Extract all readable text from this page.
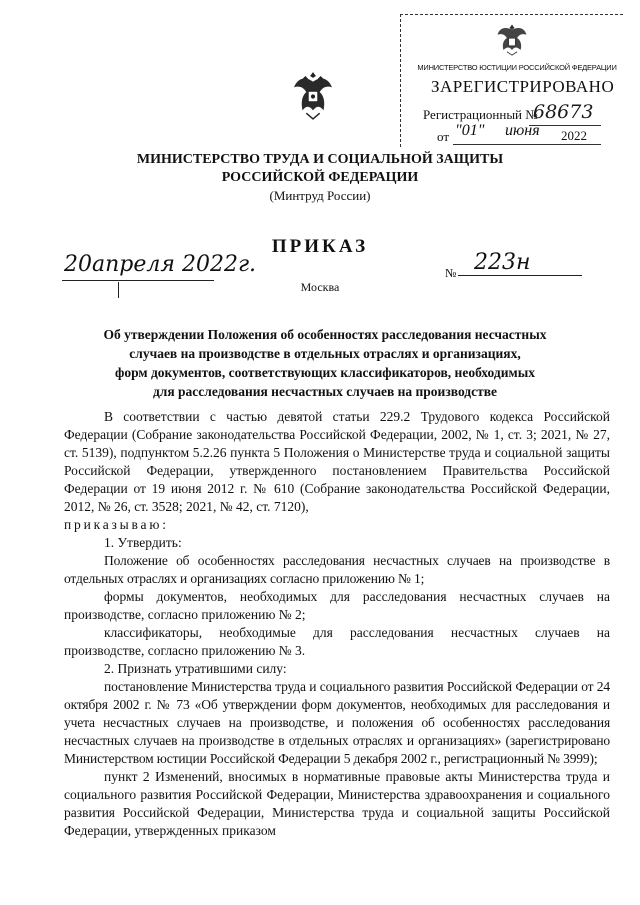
МИНИСТЕРСТВО ЮСТИЦИИ РОССИЙСКОЙ ФЕДЕРАЦИИ
ЗАРЕГИСТРИРОВАНО
Регистрационный №
68673
от "01" июня 2022
МИНИСТЕРСТВО ТРУДА И СОЦИАЛЬНОЙ ЗАЩИТЫ
РОССИЙСКОЙ ФЕДЕРАЦИИ
(Минтруд России)
ПРИКАЗ
20апреля 2022г.
Москва
№ 223н
Об утверждении Положения об особенностях расследования несчастных
случаев на производстве в отдельных отраслях и организациях,
форм документов, соответствующих классификаторов, необходимых
для расследования несчастных случаев на производстве

В соответствии с частью девятой статьи 229.2 Трудового кодекса Российской Федерации (Собрание законодательства Российской Федерации, 2002, № 1, ст. 3; 2021, № 27, ст. 5139), подпунктом 5.2.26 пункта 5 Положения о Министерстве труда и социальной защиты Российской Федерации, утвержденного постановлением Правительства Российской Федерации от 19 июня 2012 г. № 610 (Собрание законодательства Российской Федерации, 2012, № 26, ст. 3528; 2021, № 42, ст. 7120),

приказываю:

1. Утвердить:

Положение об особенностях расследования несчастных случаев на производстве в отдельных отраслях и организациях согласно приложению № 1;

формы документов, необходимых для расследования несчастных случаев на производстве, согласно приложению № 2;

классификаторы, необходимые для расследования несчастных случаев на производстве, согласно приложению № 3.

2. Признать утратившими силу:

постановление Министерства труда и социального развития Российской Федерации от 24 октября 2002 г. № 73 «Об утверждении форм документов, необходимых для расследования и учета несчастных случаев на производстве, и положения об особенностях расследования несчастных случаев на производстве в отдельных отраслях и организациях» (зарегистрировано Министерством юстиции Российской Федерации 5 декабря 2002 г., регистрационный № 3999);

пункт 2 Изменений, вносимых в нормативные правовые акты Министерства труда и социального развития Российской Федерации, Министерства здравоохранения и социального развития Российской Федерации, Министерства труда и социальной защиты Российской Федерации, утвержденных приказом
